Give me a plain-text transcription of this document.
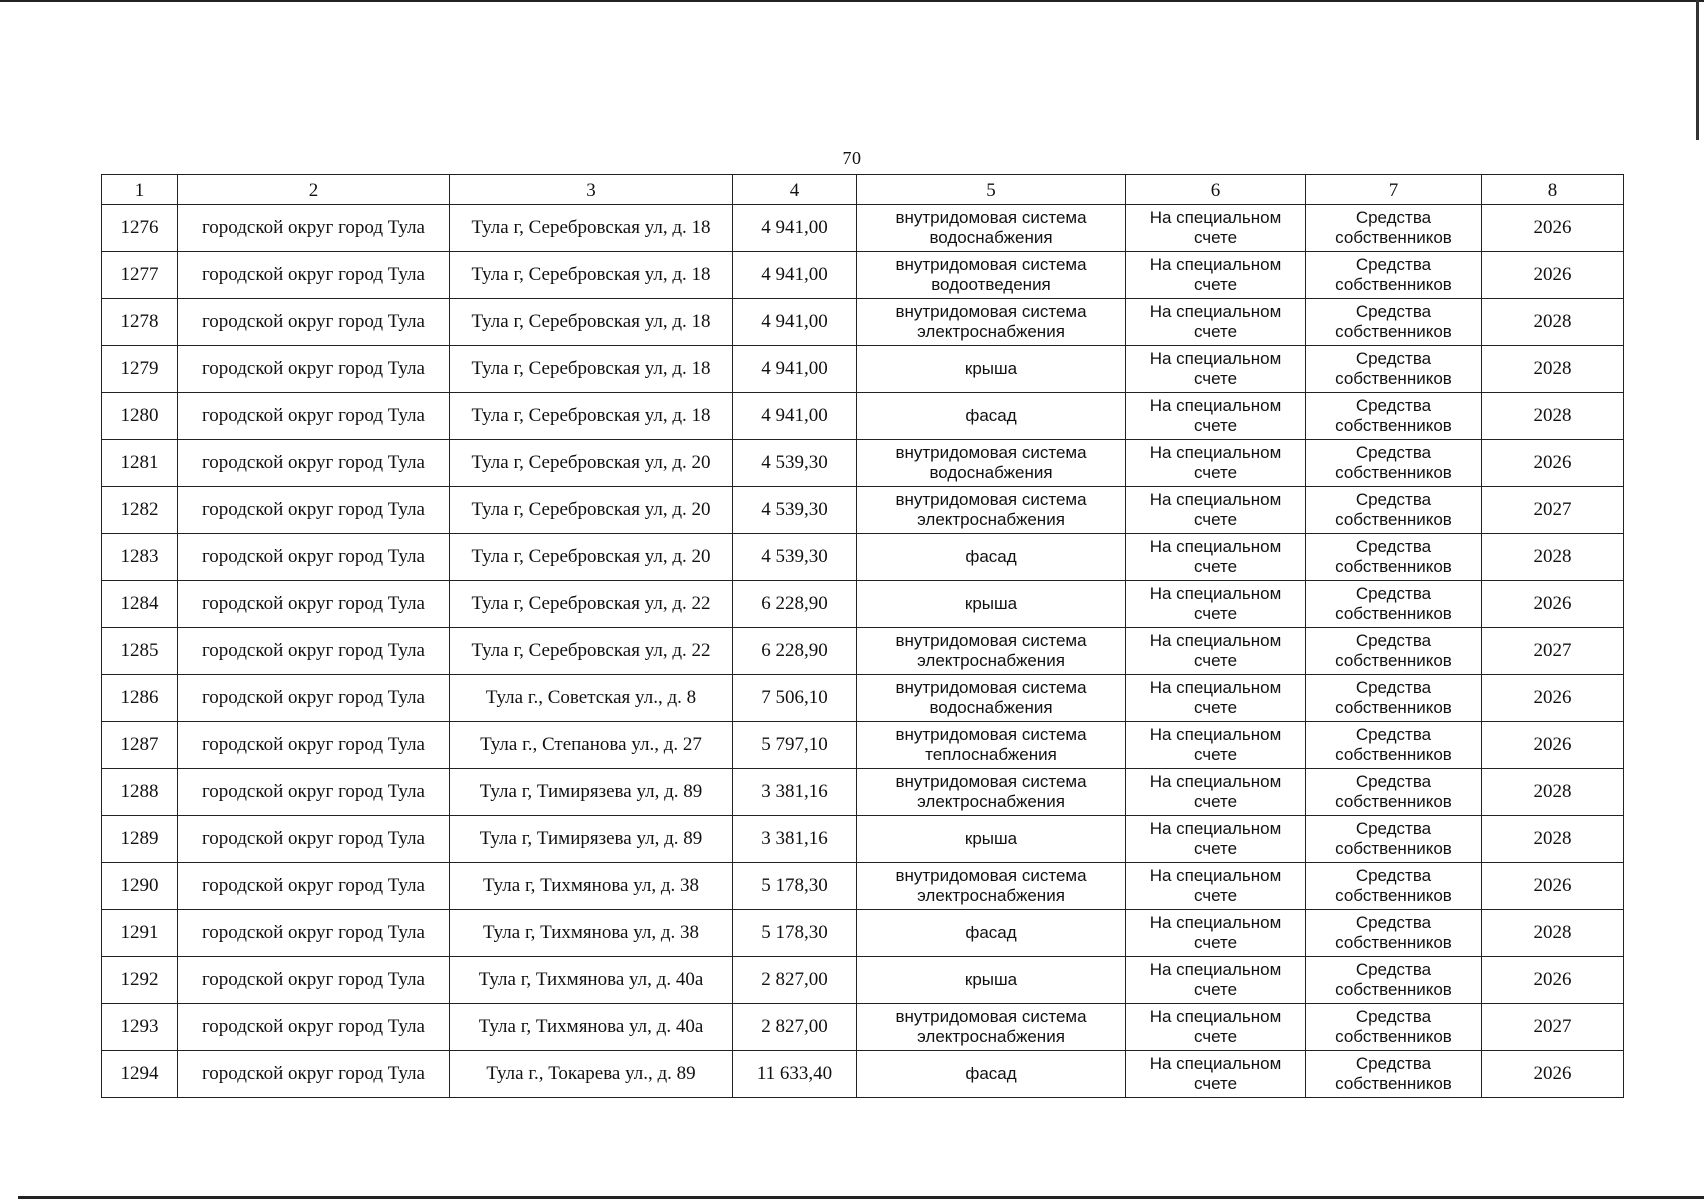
70
1	2	3	4	5	6	7	8
1276	городской округ город Тула	Тула г, Серебровская ул, д. 18	4 941,00	внутридомовая система
водоснабжения	На специальном
счете	Средства
собственников	2026
1277	городской округ город Тула	Тула г, Серебровская ул, д. 18	4 941,00	внутридомовая система
водоотведения	На специальном
счете	Средства
собственников	2026
1278	городской округ город Тула	Тула г, Серебровская ул, д. 18	4 941,00	внутридомовая система
электроснабжения	На специальном
счете	Средства
собственников	2028
1279	городской округ город Тула	Тула г, Серебровская ул, д. 18	4 941,00	крыша	На специальном
счете	Средства
собственников	2028
1280	городской округ город Тула	Тула г, Серебровская ул, д. 18	4 941,00	фасад	На специальном
счете	Средства
собственников	2028
1281	городской округ город Тула	Тула г, Серебровская ул, д. 20	4 539,30	внутридомовая система
водоснабжения	На специальном
счете	Средства
собственников	2026
1282	городской округ город Тула	Тула г, Серебровская ул, д. 20	4 539,30	внутридомовая система
электроснабжения	На специальном
счете	Средства
собственников	2027
1283	городской округ город Тула	Тула г, Серебровская ул, д. 20	4 539,30	фасад	На специальном
счете	Средства
собственников	2028
1284	городской округ город Тула	Тула г, Серебровская ул, д. 22	6 228,90	крыша	На специальном
счете	Средства
собственников	2026
1285	городской округ город Тула	Тула г, Серебровская ул, д. 22	6 228,90	внутридомовая система
электроснабжения	На специальном
счете	Средства
собственников	2027
1286	городской округ город Тула	Тула г., Советская ул., д. 8	7 506,10	внутридомовая система
водоснабжения	На специальном
счете	Средства
собственников	2026
1287	городской округ город Тула	Тула г., Степанова ул., д. 27	5 797,10	внутридомовая система
теплоснабжения	На специальном
счете	Средства
собственников	2026
1288	городской округ город Тула	Тула г, Тимирязева ул, д. 89	3 381,16	внутридомовая система
электроснабжения	На специальном
счете	Средства
собственников	2028
1289	городской округ город Тула	Тула г, Тимирязева ул, д. 89	3 381,16	крыша	На специальном
счете	Средства
собственников	2028
1290	городской округ город Тула	Тула г, Тихмянова ул, д. 38	5 178,30	внутридомовая система
электроснабжения	На специальном
счете	Средства
собственников	2026
1291	городской округ город Тула	Тула г, Тихмянова ул, д. 38	5 178,30	фасад	На специальном
счете	Средства
собственников	2028
1292	городской округ город Тула	Тула г, Тихмянова ул, д. 40а	2 827,00	крыша	На специальном
счете	Средства
собственников	2026
1293	городской округ город Тула	Тула г, Тихмянова ул, д. 40а	2 827,00	внутридомовая система
электроснабжения	На специальном
счете	Средства
собственников	2027
1294	городской округ город Тула	Тула г., Токарева ул., д. 89	11 633,40	фасад	На специальном
счете	Средства
собственников	2026
